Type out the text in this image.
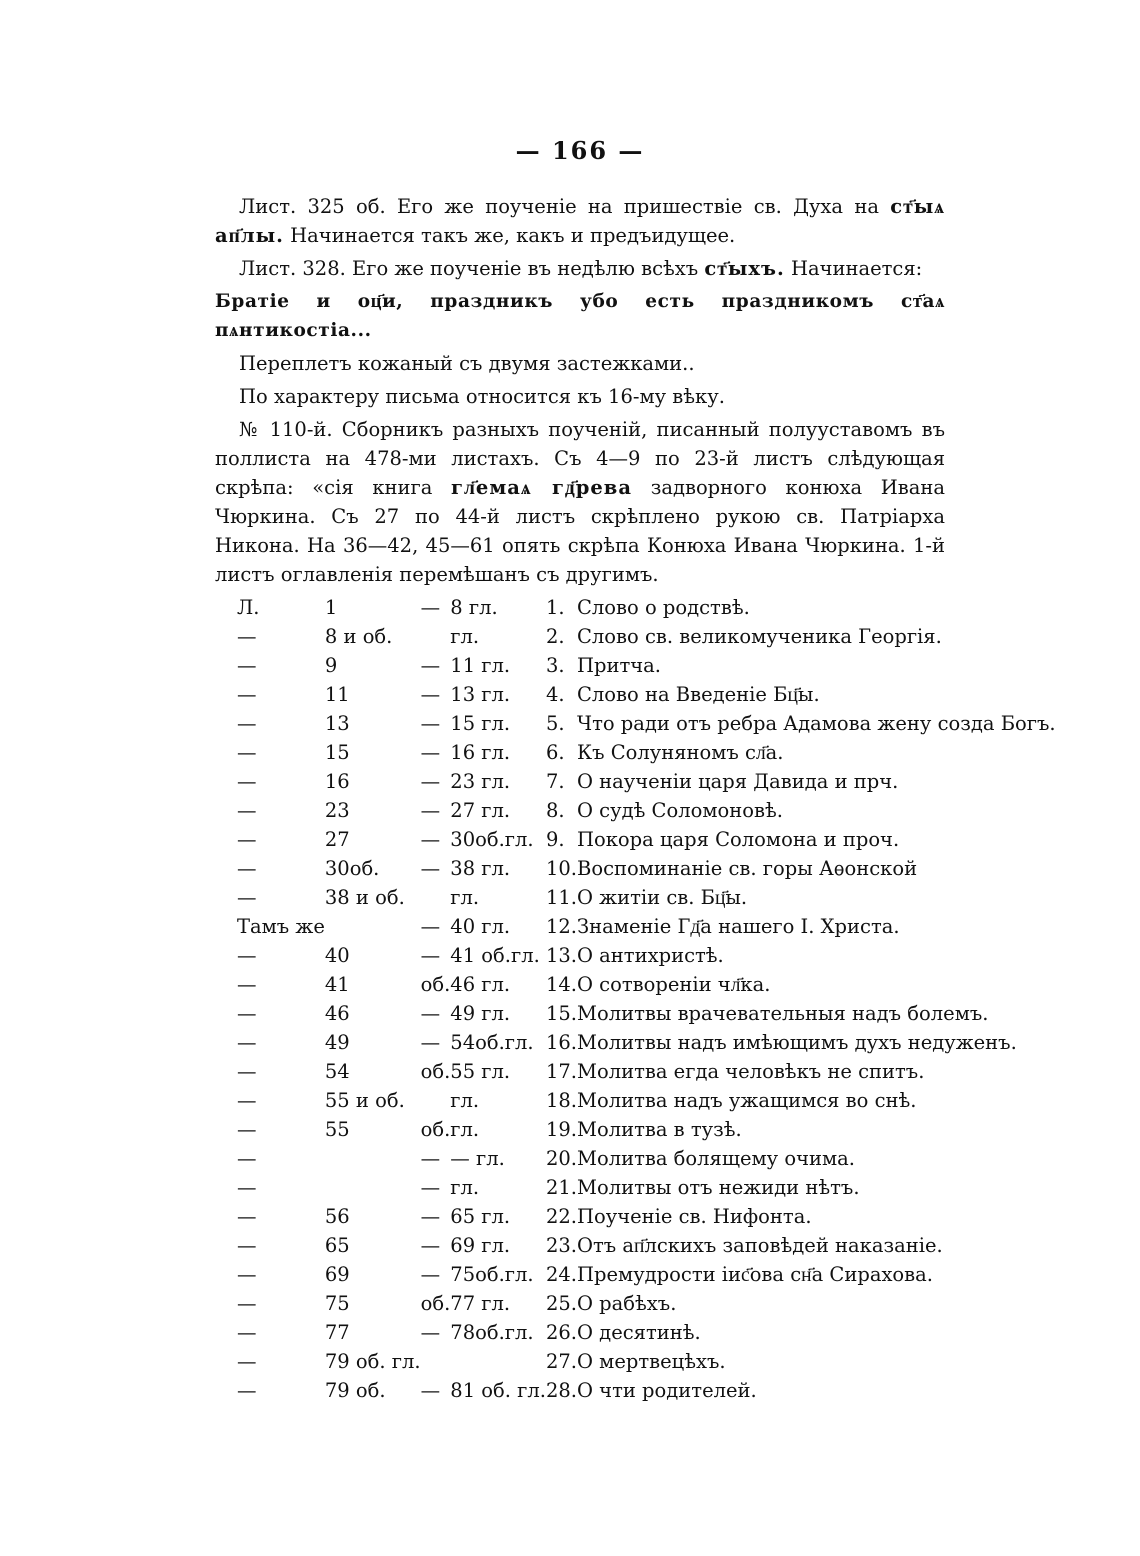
— 166 —

Лист. 325 об. Его же поученіе на пришествіе св. Духа на ст҃ыѧ ап҃лы. Начинается такъ же, какъ и предъидущее.

Лист. 328. Его же поученіе въ недѣлю всѣхъ ст҃ыхъ. Начинается:

Братіе и оц҃и, праздникъ убо есть праздникомъ ст҃аѧ пѧнтикостіа...

Переплетъ кожаный съ двумя застежками..

По характеру письма относится къ 16-му вѣку.

№ 110-й. Сборникъ разныхъ поученій, писанный полууставомъ въ поллиста на 478-ми листахъ. Съ 4—9 по 23-й листъ слѣдующая скрѣпа: «сія книга гл҃емаѧ гд҃рева задворного конюха Ивана Чюркина. Съ 27 по 44-й листъ скрѣплено рукою св. Патріарха Никона. На 36—42, 45—61 опять скрѣпа Конюха Ивана Чюркина. 1-й листъ оглавленія перемѣшанъ съ другимъ.

Л.	1	—	8 гл.	1.	Слово о родствѣ.
—	8 и об.		гл.	2.	Слово св. великомученика Георгія.
—	9	—	11 гл.	3.	Притча.
—	11	—	13 гл.	4.	Слово на Введеніе Бц҃ы.
—	13	—	15 гл.	5.	Что ради отъ ребра Адамова жену созда Богъ.
—	15	—	16 гл.	6.	Къ Солуняномъ сл҃а.
—	16	—	23 гл.	7.	О наученіи царя Давида и прч.
—	23	—	27 гл.	8.	О судѣ Соломоновѣ.
—	27	—	30об.гл.	9.	Покора царя Соломона и проч.
—	30об.	—	38 гл.	10.	Воспоминаніе св. горы Аѳонской
—	38 и об.		гл.	11.	О житіи св. Бц҃ы.
Тамъ же		—	40 гл.	12.	Знаменіе Гд҃а нашего І. Христа.
—	40	—	41 об.гл.	13.	О антихристѣ.
—	41	об.	46 гл.	14.	О сотвореніи чл҃ка.
—	46	—	49 гл.	15.	Молитвы врачевательныя надъ болемъ.
—	49	—	54об.гл.	16.	Молитвы надъ имѣющимъ духъ недуженъ.
—	54	об.	55 гл.	17.	Молитва егда человѣкъ не спитъ.
—	55 и об.		гл.	18.	Молитва надъ ужащимся во снѣ.
—	55	об.	гл.	19.	Молитва в тузѣ.
—		—	— гл.	20.	Молитва болящему очима.
—		—	гл.	21.	Молитвы отъ нежиди нѣтъ.
—	56	—	65 гл.	22.	Поученіе св. Нифонта.
—	65	—	69 гл.	23.	Отъ ап҃лскихъ заповѣдей наказаніе.
—	69	—	75об.гл.	24.	Премудрости іис҃ова сн҃а Сирахова.
—	75	об.	77 гл.	25.	О рабѣхъ.
—	77	—	78об.гл.	26.	О десятинѣ.
—	79 об. гл.			27.	О мертвецѣхъ.
—	79 об.	—	81 об. гл.	28.	О чти родителей.
